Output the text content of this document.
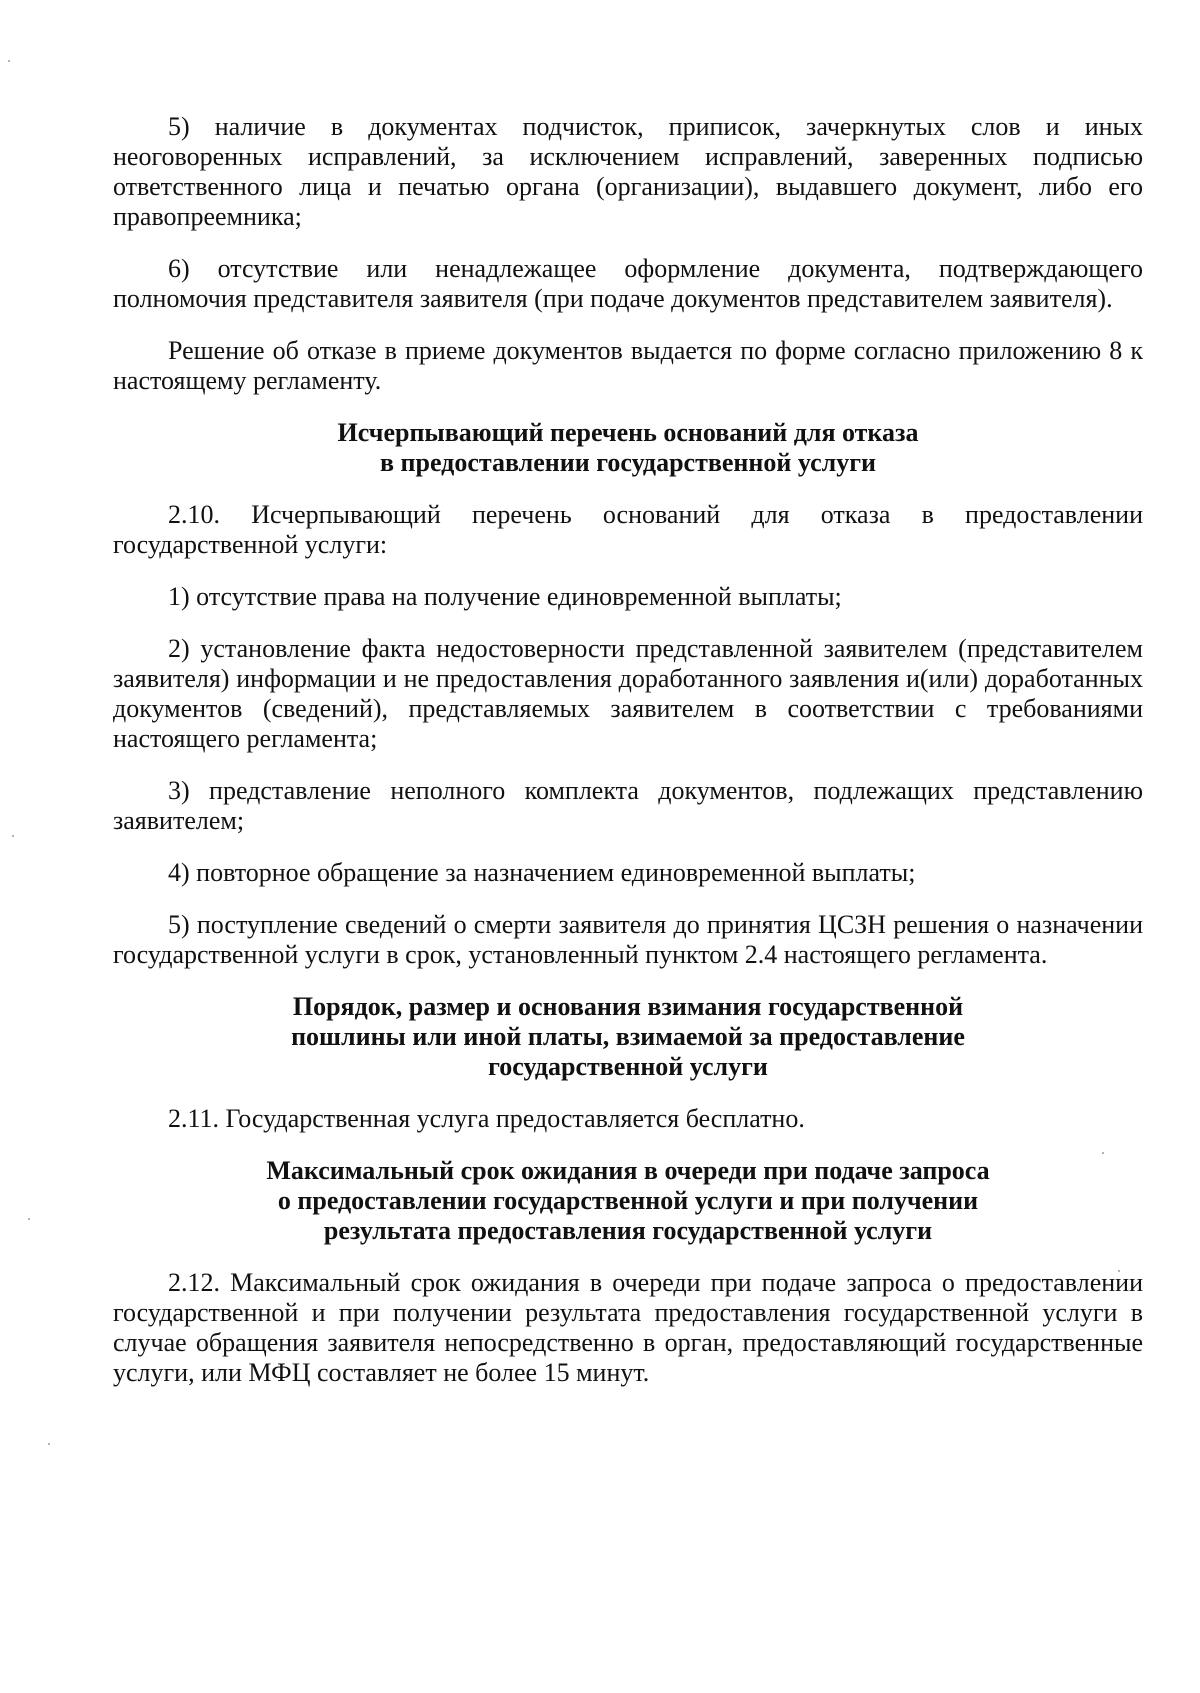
5) наличие в документах подчисток, приписок, зачеркнутых слов и иных неоговоренных исправлений, за исключением исправлений, заверенных подписью ответственного лица и печатью органа (организации), выдавшего документ, либо его правопреемника;

6) отсутствие или ненадлежащее оформление документа, подтверждающего полномочия представителя заявителя (при подаче документов представителем заявителя).

Решение об отказе в приеме документов выдается по форме согласно приложению 8 к настоящему регламенту.

Исчерпывающий перечень оснований для отказа
в предоставлении государственной услуги

2.10. Исчерпывающий перечень оснований для отказа в предоставлении государственной услуги:

1) отсутствие права на получение единовременной выплаты;

2) установление факта недостоверности представленной заявителем (представителем заявителя) информации и не предоставления доработанного заявления и(или) доработанных документов (сведений), представляемых заявителем в соответствии с требованиями настоящего регламента;

3) представление неполного комплекта документов, подлежащих представлению заявителем;

4) повторное обращение за назначением единовременной выплаты;

5) поступление сведений о смерти заявителя до принятия ЦСЗН решения о назначении государственной услуги в срок, установленный пунктом 2.4 настоящего регламента.

Порядок, размер и основания взимания государственной
пошлины или иной платы, взимаемой за предоставление
государственной услуги

2.11. Государственная услуга предоставляется бесплатно.

Максимальный срок ожидания в очереди при подаче запроса
о предоставлении государственной услуги и при получении
результата предоставления государственной услуги

2.12. Максимальный срок ожидания в очереди при подаче запроса о предоставлении государственной и при получении результата предоставления государственной услуги в случае обращения заявителя непосредственно в орган, предоставляющий государственные услуги, или МФЦ составляет не более 15 минут.
